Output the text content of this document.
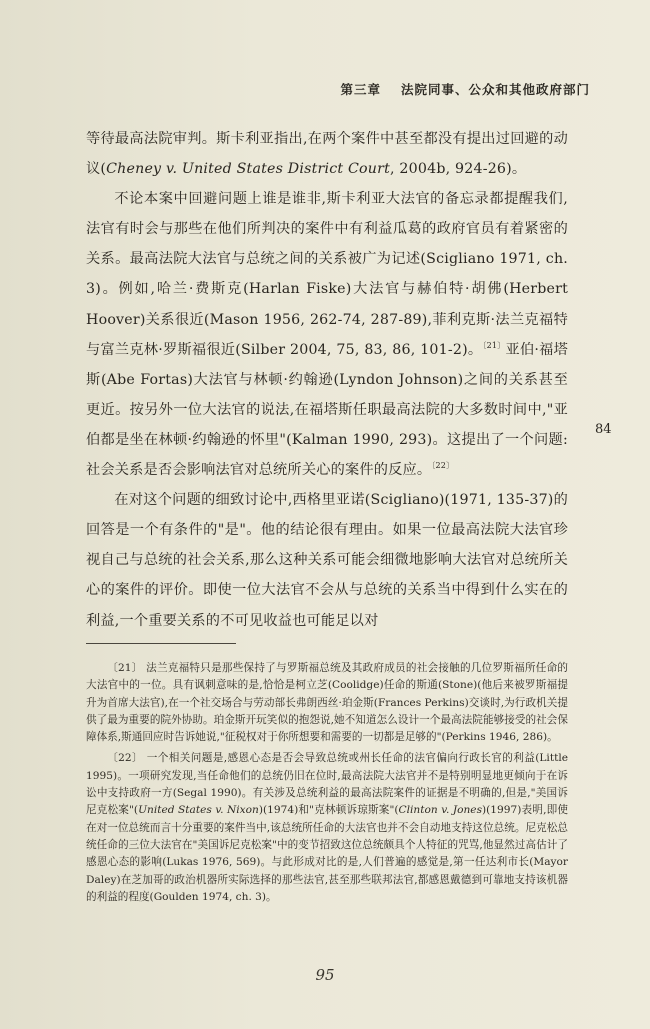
第三章 法院同事、公众和其他政府部门

等待最高法院审判。斯卡利亚指出,在两个案件中甚至都没有提出过回避的动议(Cheney v. United States District Court, 2004b, 924-26)。

不论本案中回避问题上谁是谁非,斯卡利亚大法官的备忘录都提醒我们,法官有时会与那些在他们所判决的案件中有利益瓜葛的政府官员有着紧密的关系。最高法院大法官与总统之间的关系被广为记述(Scigliano 1971, ch. 3)。例如,哈兰·费斯克(Harlan Fiske)大法官与赫伯特·胡佛(Herbert Hoover)关系很近(Mason 1956, 262-74, 287-89),菲利克斯·法兰克福特与富兰克林·罗斯福很近(Silber 2004, 75, 83, 86, 101-2)。$^{〔21〕}$亚伯·福塔斯(Abe Fortas)大法官与林顿·约翰逊(Lyndon Johnson)之间的关系甚至更近。按另外一位大法官的说法,在福塔斯任职最高法院的大多数时间中,"亚伯都是坐在林顿·约翰逊的怀里"(Kalman 1990, 293)。这提出了一个问题:社会关系是否会影响法官对总统所关心的案件的反应。$^{〔22〕}$

在对这个问题的细致讨论中,西格里亚诺(Scigliano)(1971, 135-37)的回答是一个有条件的"是"。他的结论很有理由。如果一位最高法院大法官珍视自己与总统的社会关系,那么这种关系可能会细微地影响大法官对总统所关心的案件的评价。即使一位大法官不会从与总统的关系当中得到什么实在的利益,一个重要关系的不可见收益也可能足以对

84

〔21〕 法兰克福特只是那些保持了与罗斯福总统及其政府成员的社会接触的几位罗斯福所任命的大法官中的一位。具有讽刺意味的是,恰恰是柯立芝(Coolidge)任命的斯通(Stone)(他后来被罗斯福提升为首席大法官),在一个社交场合与劳动部长弗朗西丝·珀金斯(Frances Perkins)交谈时,为行政机关提供了最为重要的院外协助。珀金斯开玩笑似的抱怨说,她不知道怎么设计一个最高法院能够接受的社会保障体系,斯通回应时告诉她说,"征税权对于你所想要和需要的一切都是足够的"(Perkins 1946, 286)。

〔22〕 一个相关问题是,感恩心态是否会导致总统或州长任命的法官偏向行政长官的利益(Little 1995)。一项研究发现,当任命他们的总统仍旧在位时,最高法院大法官并不是特别明显地更倾向于在诉讼中支持政府一方(Segal 1990)。有关涉及总统利益的最高法院案件的证据是不明确的,但是,"美国诉尼克松案"(United States v. Nixon)(1974)和"克林顿诉琼斯案"(Clinton v. Jones)(1997)表明,即使在对一位总统而言十分重要的案件当中,该总统所任命的大法官也并不会自动地支持这位总统。尼克松总统任命的三位大法官在"美国诉尼克松案"中的变节招致这位总统颇具个人特征的咒骂,他显然过高估计了感恩心态的影响(Lukas 1976, 569)。与此形成对比的是,人们普遍的感觉是,第一任达利市长(Mayor Daley)在芝加哥的政治机器所实际选择的那些法官,甚至那些联邦法官,都感恩戴德到可靠地支持该机器的利益的程度(Goulden 1974, ch. 3)。

95
